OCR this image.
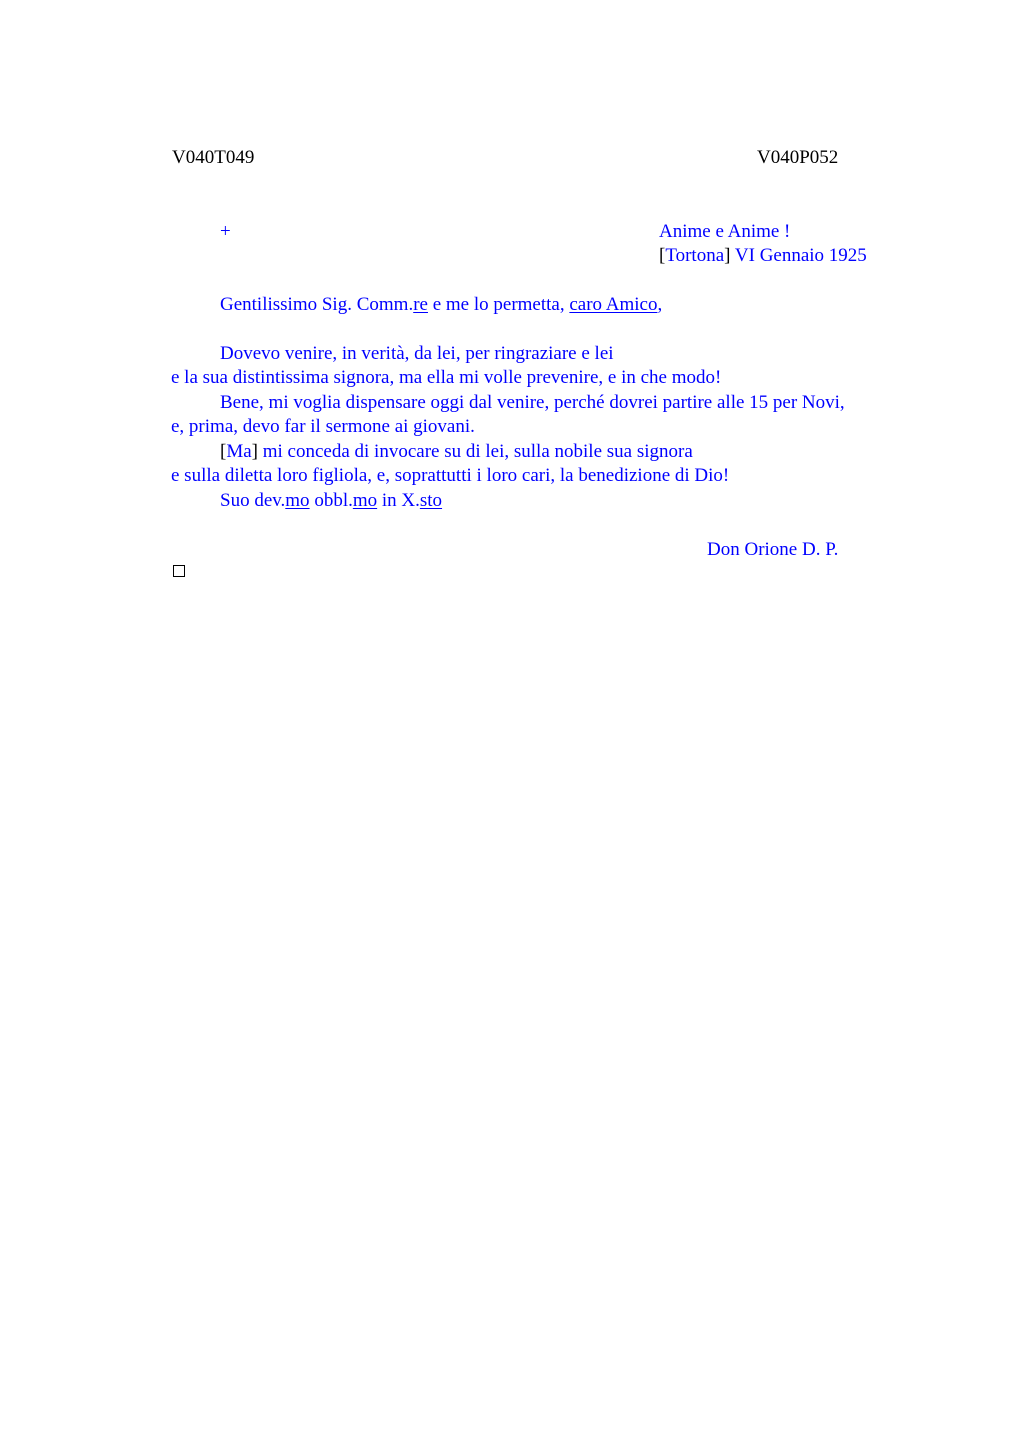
V040T049	V040P052
+	Anime e Anime !
[Tortona] VI Gennaio 1925
Gentilissimo Sig. Comm.re e me lo permetta, caro Amico,
Dovevo venire, in verità, da lei, per ringraziare e lei
e la sua distintissima signora, ma ella mi volle prevenire, e in che modo!
Bene, mi voglia dispensare oggi dal venire, perché dovrei partire alle 15 per Novi,
e, prima, devo far il sermone ai giovani.
[Ma] mi conceda di invocare su di lei, sulla nobile sua signora
e sulla diletta loro figliola, e, soprattutti i loro cari, la benedizione di Dio!
Suo dev.mo obbl.mo in X.sto
Don Orione D. P.
